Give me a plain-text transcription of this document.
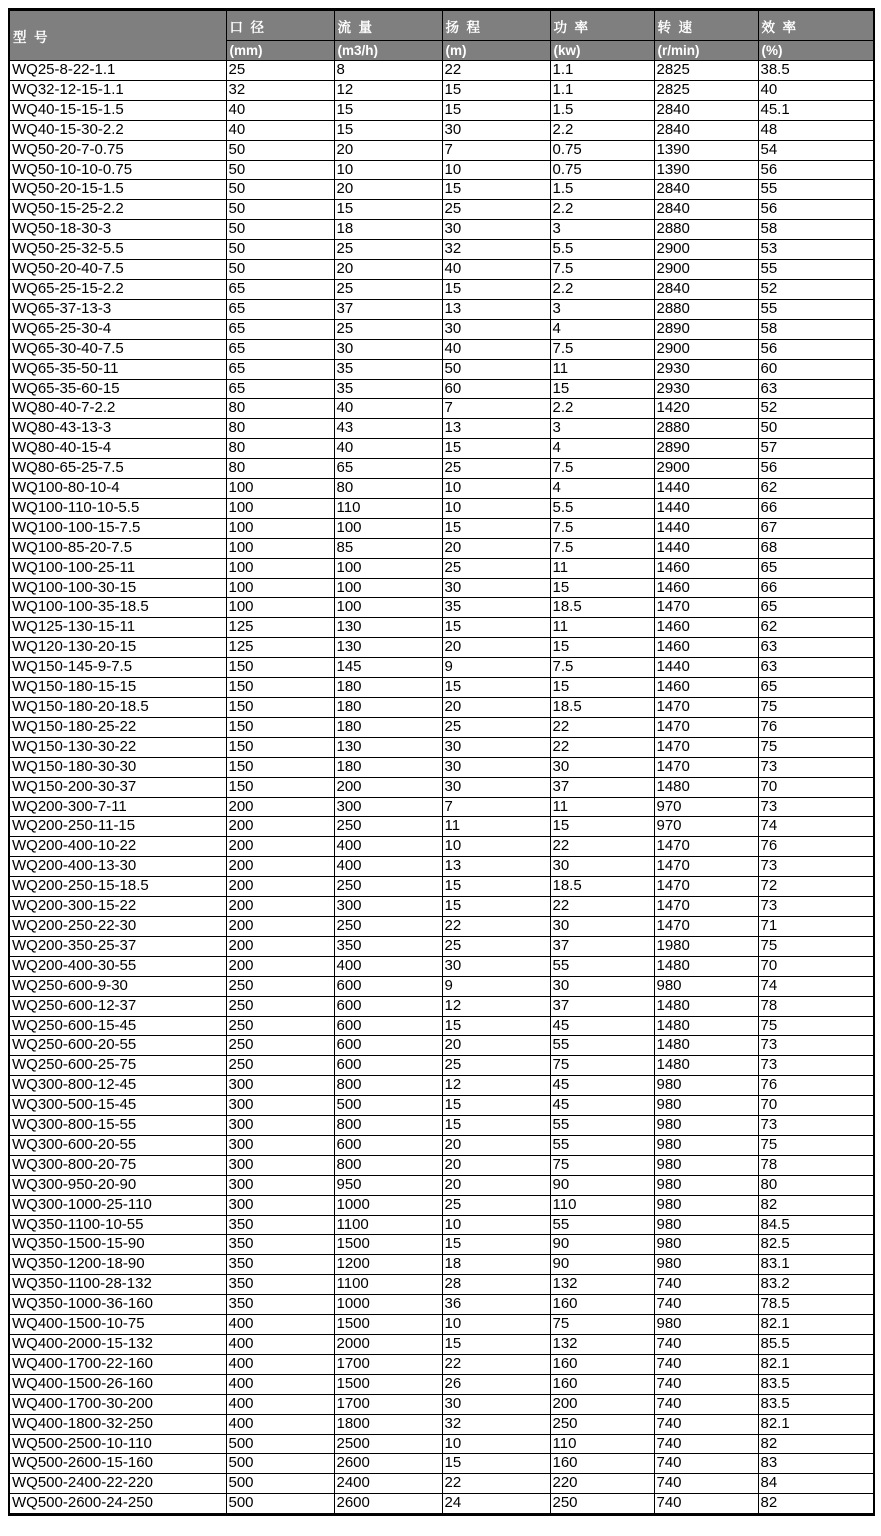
型  号	口  径	流  量	扬  程	功  率	转  速	效  率
	(mm)	(m3/h)	(m)	(kw)	(r/min)	(%)
WQ25-8-22-1.1	25	8	22	1.1	2825	38.5
WQ32-12-15-1.1	32	12	15	1.1	2825	40
WQ40-15-15-1.5	40	15	15	1.5	2840	45.1
WQ40-15-30-2.2	40	15	30	2.2	2840	48
WQ50-20-7-0.75	50	20	7	0.75	1390	54
WQ50-10-10-0.75	50	10	10	0.75	1390	56
WQ50-20-15-1.5	50	20	15	1.5	2840	55
WQ50-15-25-2.2	50	15	25	2.2	2840	56
WQ50-18-30-3	50	18	30	3	2880	58
WQ50-25-32-5.5	50	25	32	5.5	2900	53
WQ50-20-40-7.5	50	20	40	7.5	2900	55
WQ65-25-15-2.2	65	25	15	2.2	2840	52
WQ65-37-13-3	65	37	13	3	2880	55
WQ65-25-30-4	65	25	30	4	2890	58
WQ65-30-40-7.5	65	30	40	7.5	2900	56
WQ65-35-50-11	65	35	50	11	2930	60
WQ65-35-60-15	65	35	60	15	2930	63
WQ80-40-7-2.2	80	40	7	2.2	1420	52
WQ80-43-13-3	80	43	13	3	2880	50
WQ80-40-15-4	80	40	15	4	2890	57
WQ80-65-25-7.5	80	65	25	7.5	2900	56
WQ100-80-10-4	100	80	10	4	1440	62
WQ100-110-10-5.5	100	110	10	5.5	1440	66
WQ100-100-15-7.5	100	100	15	7.5	1440	67
WQ100-85-20-7.5	100	85	20	7.5	1440	68
WQ100-100-25-11	100	100	25	11	1460	65
WQ100-100-30-15	100	100	30	15	1460	66
WQ100-100-35-18.5	100	100	35	18.5	1470	65
WQ125-130-15-11	125	130	15	11	1460	62
WQ120-130-20-15	125	130	20	15	1460	63
WQ150-145-9-7.5	150	145	9	7.5	1440	63
WQ150-180-15-15	150	180	15	15	1460	65
WQ150-180-20-18.5	150	180	20	18.5	1470	75
WQ150-180-25-22	150	180	25	22	1470	76
WQ150-130-30-22	150	130	30	22	1470	75
WQ150-180-30-30	150	180	30	30	1470	73
WQ150-200-30-37	150	200	30	37	1480	70
WQ200-300-7-11	200	300	7	11	970	73
WQ200-250-11-15	200	250	11	15	970	74
WQ200-400-10-22	200	400	10	22	1470	76
WQ200-400-13-30	200	400	13	30	1470	73
WQ200-250-15-18.5	200	250	15	18.5	1470	72
WQ200-300-15-22	200	300	15	22	1470	73
WQ200-250-22-30	200	250	22	30	1470	71
WQ200-350-25-37	200	350	25	37	1980	75
WQ200-400-30-55	200	400	30	55	1480	70
WQ250-600-9-30	250	600	9	30	980	74
WQ250-600-12-37	250	600	12	37	1480	78
WQ250-600-15-45	250	600	15	45	1480	75
WQ250-600-20-55	250	600	20	55	1480	73
WQ250-600-25-75	250	600	25	75	1480	73
WQ300-800-12-45	300	800	12	45	980	76
WQ300-500-15-45	300	500	15	45	980	70
WQ300-800-15-55	300	800	15	55	980	73
WQ300-600-20-55	300	600	20	55	980	75
WQ300-800-20-75	300	800	20	75	980	78
WQ300-950-20-90	300	950	20	90	980	80
WQ300-1000-25-110	300	1000	25	110	980	82
WQ350-1100-10-55	350	1100	10	55	980	84.5
WQ350-1500-15-90	350	1500	15	90	980	82.5
WQ350-1200-18-90	350	1200	18	90	980	83.1
WQ350-1100-28-132	350	1100	28	132	740	83.2
WQ350-1000-36-160	350	1000	36	160	740	78.5
WQ400-1500-10-75	400	1500	10	75	980	82.1
WQ400-2000-15-132	400	2000	15	132	740	85.5
WQ400-1700-22-160	400	1700	22	160	740	82.1
WQ400-1500-26-160	400	1500	26	160	740	83.5
WQ400-1700-30-200	400	1700	30	200	740	83.5
WQ400-1800-32-250	400	1800	32	250	740	82.1
WQ500-2500-10-110	500	2500	10	110	740	82
WQ500-2600-15-160	500	2600	15	160	740	83
WQ500-2400-22-220	500	2400	22	220	740	84
WQ500-2600-24-250	500	2600	24	250	740	82
